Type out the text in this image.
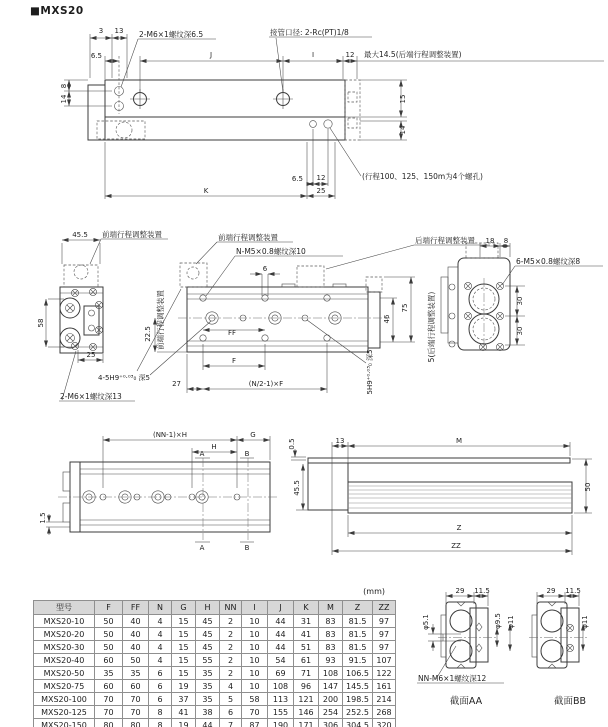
■MXS20
3 13
6.5	J	I	12 最大14.5(后端行程调整装置)
2-M6×1螺纹深6.5	接管口径: 2-Rc(PT)1/8
8
14	15
14
6.5 12
K	25
(行程100、125、150m为4个螺孔)
45.5 前端行程调整装置
58
25
2-M6×1螺纹深13
前端行程调整装置
N-M5×0.8螺纹深10
前端行程调整装置
22.5
6
FF
F
27	(N/2-1)×F
4-5H9⁺⁰·⁰³₀ 深5	5H9⁺⁰·⁰³₀ 深5
后端行程调整装置
46
75 5(后端行程调整装置)
18 8
6-M5×0.8螺纹深8
30
30
(NN-1)×H	G
H
A	B
A	B
1.5
0.5	13	M
45.5	50
Z
ZZ
29 11.5
φ5.1	φ9.5 φ11
NN-M6×1螺纹深12
截面AA
29 11.5
φ11
截面BB
(mm)
型号	F	FF	N	G	H	NN	I	J	K	M	Z	ZZ
MXS20-10	50	40	4	15	45	2	10	44	31	83	81.5	97
MXS20-20	50	40	4	15	45	2	10	44	41	83	81.5	97
MXS20-30	50	40	4	15	45	2	10	44	51	83	81.5	97
MXS20-40	60	50	4	15	55	2	10	54	61	93	91.5	107
MXS20-50	35	35	6	15	35	2	10	69	71	108	106.5	122
MXS20-75	60	60	6	19	35	4	10	108	96	147	145.5	161
MXS20-100	70	70	6	37	35	5	58	113	121	200	198.5	214
MXS20-125	70	70	8	41	38	6	70	155	146	254	252.5	268
MXS20-150	80	80	8	19	44	7	87	190	171	306	304.5	320
